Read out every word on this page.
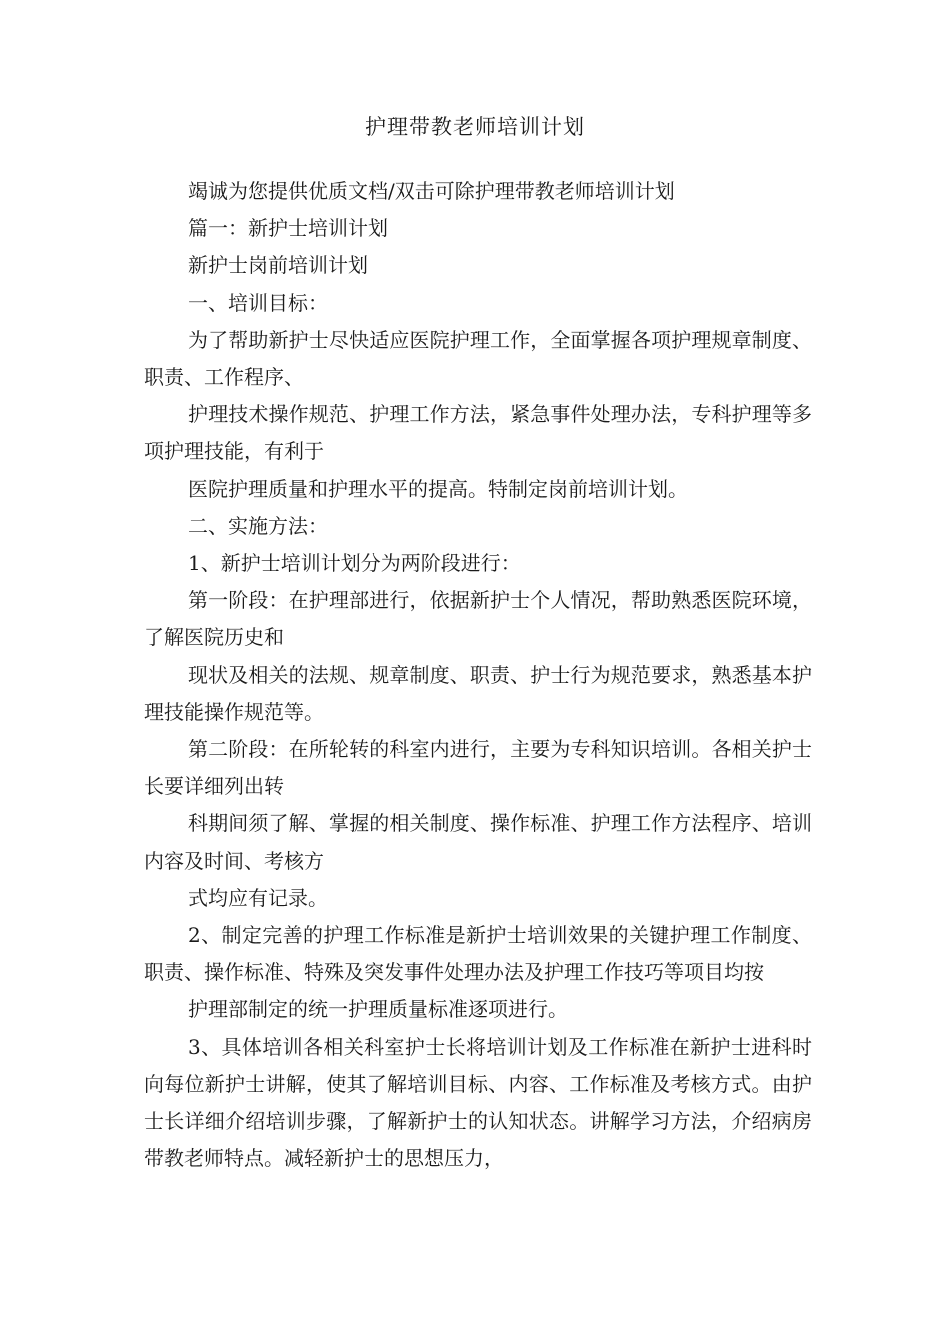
护理带教老师培训计划

竭诚为您提供优质文档/双击可除护理带教老师培训计划

篇一：新护士培训计划

新护士岗前培训计划

一、培训目标：

为了帮助新护士尽快适应医院护理工作，全面掌握各项护理规章制度、职责、工作程序、

护理技术操作规范、护理工作方法，紧急事件处理办法，专科护理等多项护理技能，有利于

医院护理质量和护理水平的提高。特制定岗前培训计划。

二、实施方法：

1、新护士培训计划分为两阶段进行：

第一阶段：在护理部进行，依据新护士个人情况，帮助熟悉医院环境，了解医院历史和

现状及相关的法规、规章制度、职责、护士行为规范要求，熟悉基本护理技能操作规范等。

第二阶段：在所轮转的科室内进行，主要为专科知识培训。各相关护士长要详细列出转

科期间须了解、掌握的相关制度、操作标准、护理工作方法程序、培训内容及时间、考核方

式均应有记录。

2、制定完善的护理工作标准是新护士培训效果的关键护理工作制度、职责、操作标准、特殊及突发事件处理办法及护理工作技巧等项目均按

护理部制定的统一护理质量标准逐项进行。

3、具体培训各相关科室护士长将培训计划及工作标准在新护士进科时向每位新护士讲解，使其了解培训目标、内容、工作标准及考核方式。由护士长详细介绍培训步骤，了解新护士的认知状态。讲解学习方法，介绍病房带教老师特点。减轻新护士的思想压力，
